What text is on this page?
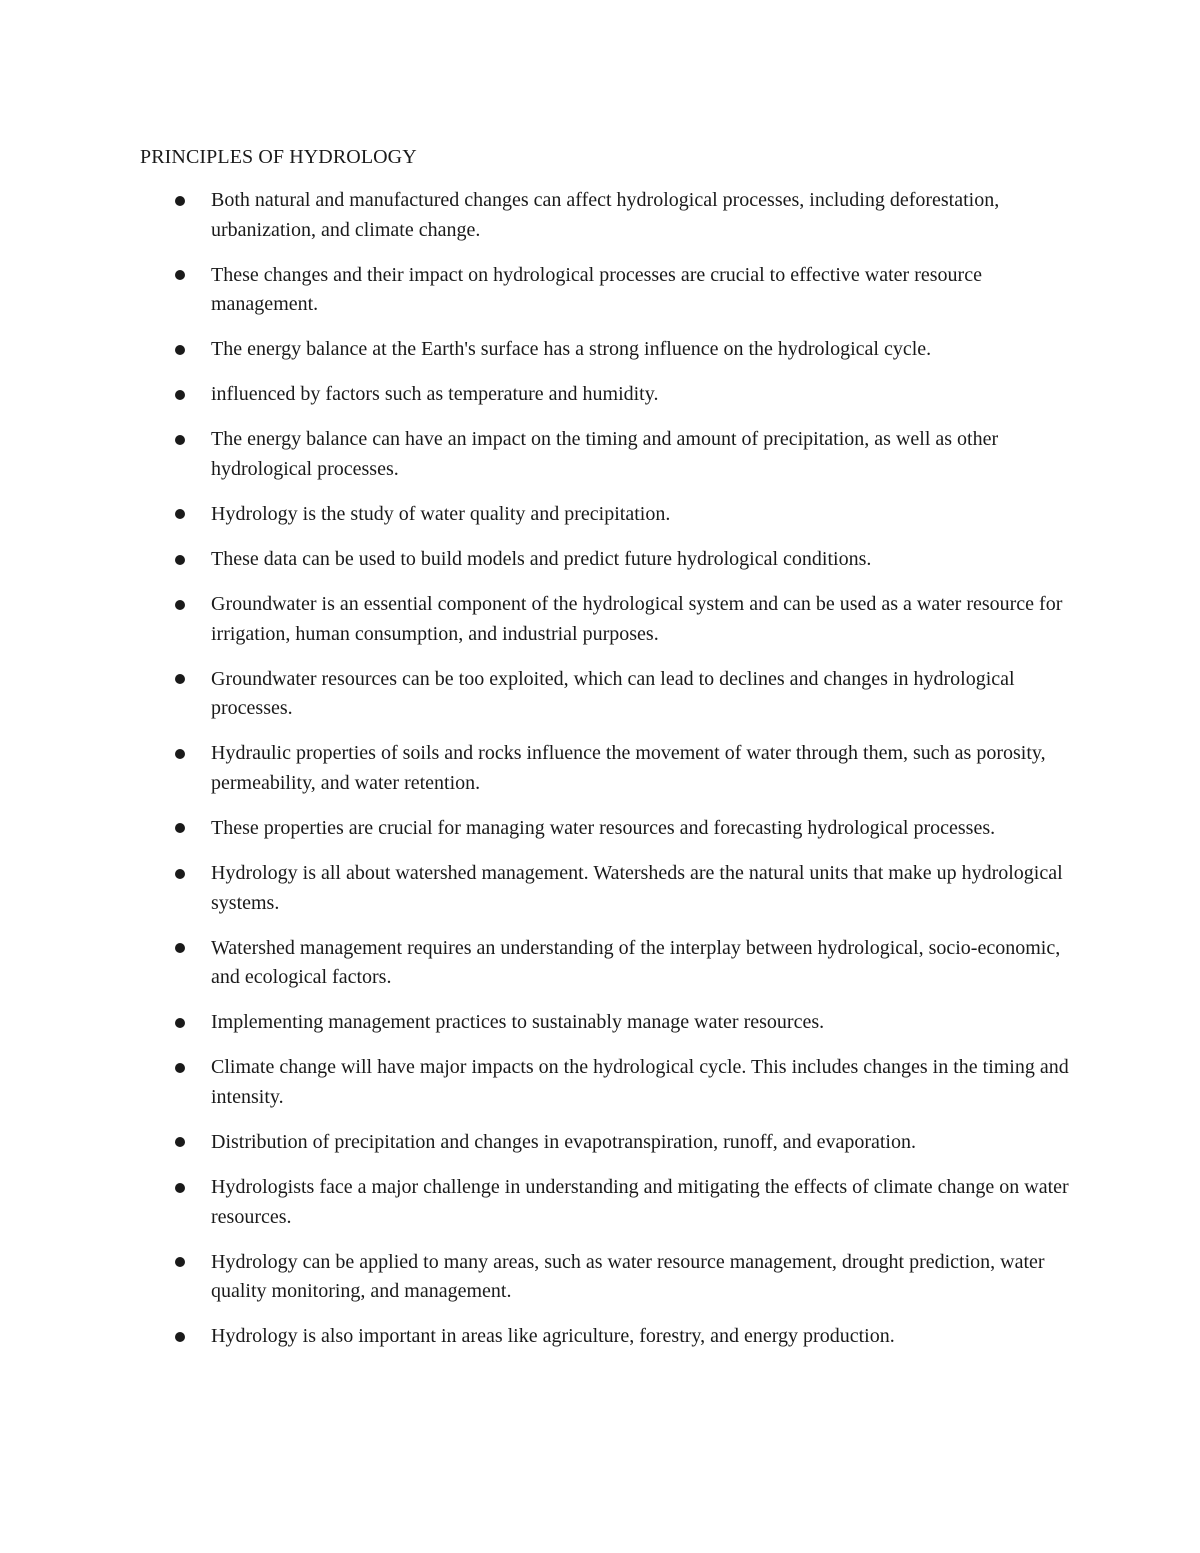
PRINCIPLES OF HYDROLOGY
Both natural and manufactured changes can affect hydrological processes, including deforestation, urbanization, and climate change.
These changes and their impact on hydrological processes are crucial to effective water resource management.
The energy balance at the Earth's surface has a strong influence on the hydrological cycle.
influenced by factors such as temperature and humidity.
The energy balance can have an impact on the timing and amount of precipitation, as well as other hydrological processes.
Hydrology is the study of water quality and precipitation.
These data can be used to build models and predict future hydrological conditions.
Groundwater is an essential component of the hydrological system and can be used as a water resource for irrigation, human consumption, and industrial purposes.
Groundwater resources can be too exploited, which can lead to declines and changes in hydrological processes.
Hydraulic properties of soils and rocks influence the movement of water through them, such as porosity, permeability, and water retention.
These properties are crucial for managing water resources and forecasting hydrological processes.
Hydrology is all about watershed management. Watersheds are the natural units that make up hydrological systems.
Watershed management requires an understanding of the interplay between hydrological, socio-economic, and ecological factors.
Implementing management practices to sustainably manage water resources.
Climate change will have major impacts on the hydrological cycle. This includes changes in the timing and intensity.
Distribution of precipitation and changes in evapotranspiration, runoff, and evaporation.
Hydrologists face a major challenge in understanding and mitigating the effects of climate change on water resources.
Hydrology can be applied to many areas, such as water resource management, drought prediction, water quality monitoring, and management.
Hydrology is also important in areas like agriculture, forestry, and energy production.
